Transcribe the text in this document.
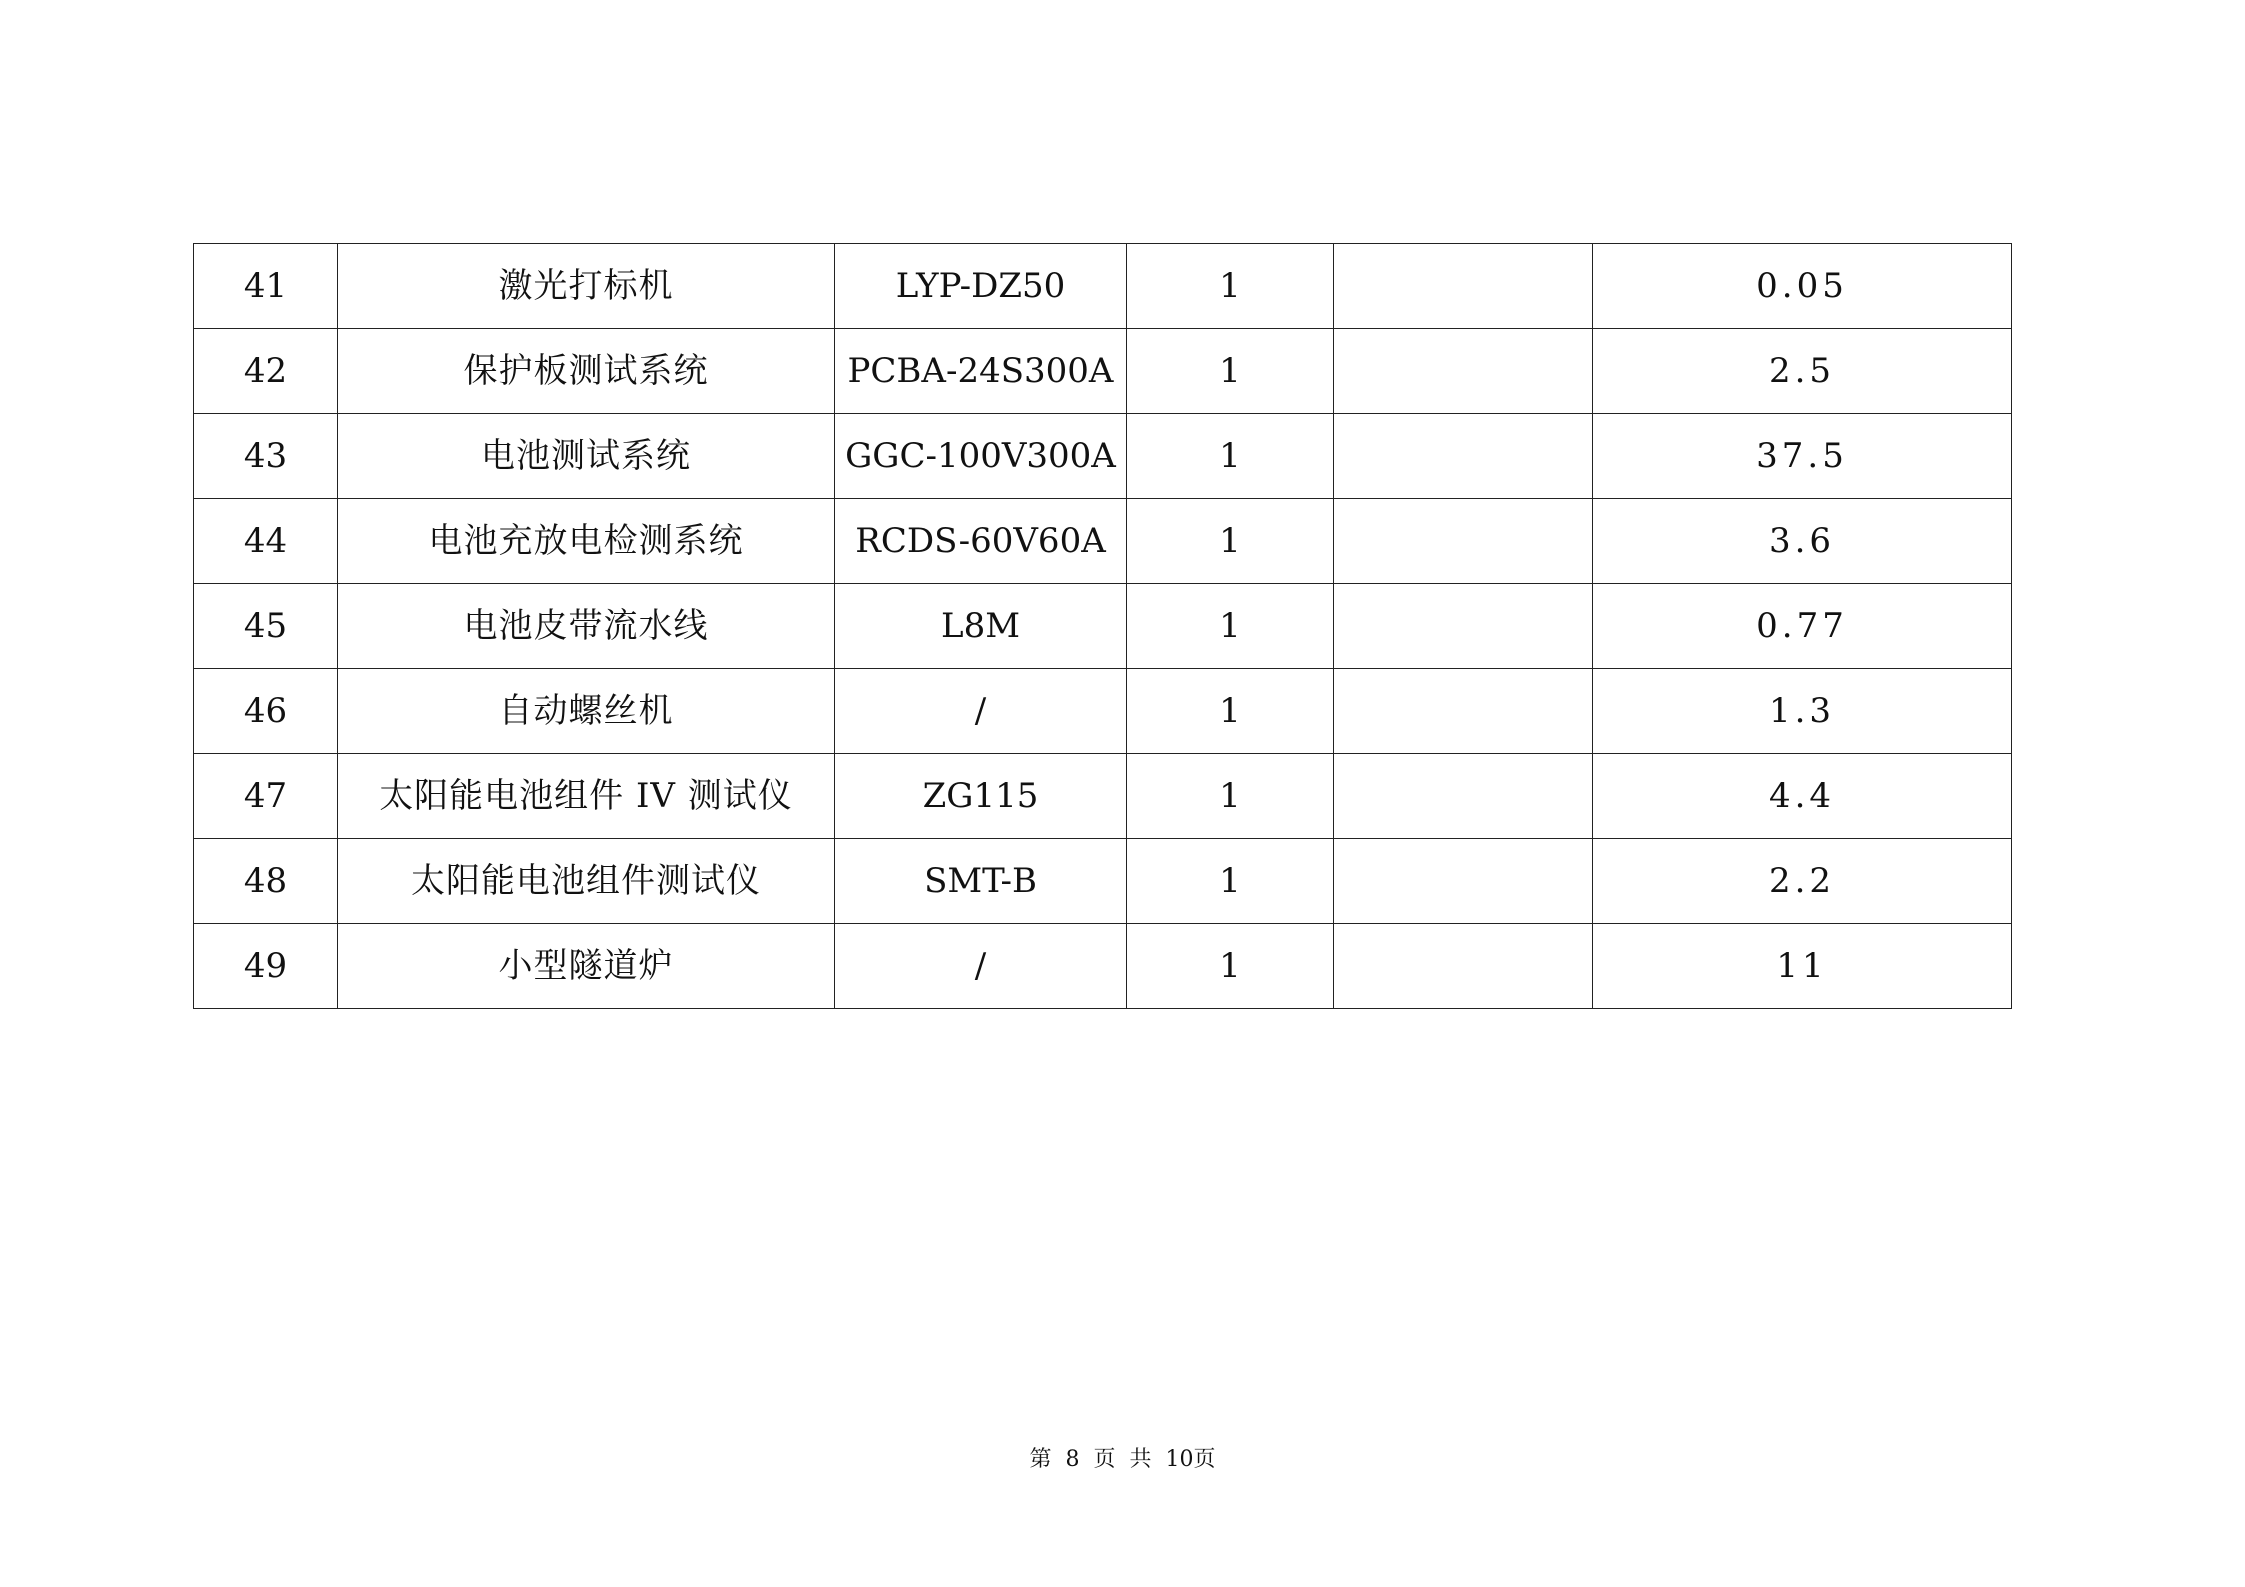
41	激光打标机	LYP-DZ50	1		0.05
42	保护板测试系统	PCBA-24S300A	1		2.5
43	电池测试系统	GGC-100V300A	1		37.5
44	电池充放电检测系统	RCDS-60V60A	1		3.6
45	电池皮带流水线	L8M	1		0.77
46	自动螺丝机	/	1		1.3
47	太阳能电池组件 IV 测试仪	ZG115	1		4.4
48	太阳能电池组件测试仪	SMT-B	1		2.2
49	小型隧道炉	/	1		11
第 8 页 共 10页
